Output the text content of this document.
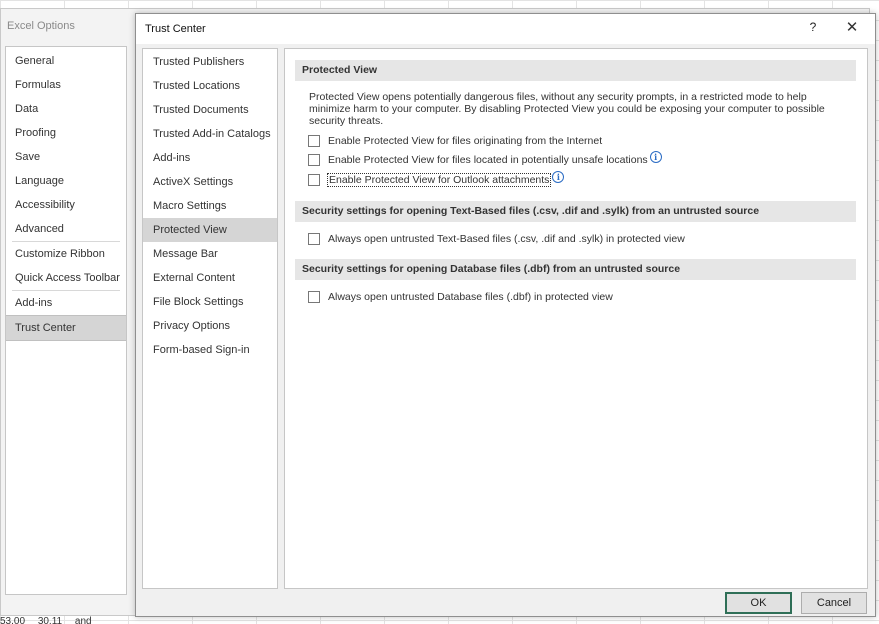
53.00 30.11 and
Excel Options
General
Formulas
Data
Proofing
Save
Language
Accessibility
Advanced
Customize Ribbon
Quick Access Toolbar
Add-ins
Trust Center
Trust Center	? ✕
Trusted Publishers
Trusted Locations
Trusted Documents
Trusted Add-in Catalogs
Add-ins
ActiveX Settings
Macro Settings
Protected View
Message Bar
External Content
File Block Settings
Privacy Options
Form-based Sign-in
Protected View
Protected View opens potentially dangerous files, without any security prompts, in a restricted mode to help minimize harm to your computer. By disabling Protected View you could be exposing your computer to possible security threats.
Enable Protected View for files originating from the Internet
Enable Protected View for files located in potentially unsafe locations i
Enable Protected View for Outlook attachments i
Security settings for opening Text-Based files (.csv, .dif and .sylk) from an untrusted source
Always open untrusted Text-Based files (.csv, .dif and .sylk) in protected view
Security settings for opening Database files (.dbf) from an untrusted source
Always open untrusted Database files (.dbf) in protected view
OK	Cancel
